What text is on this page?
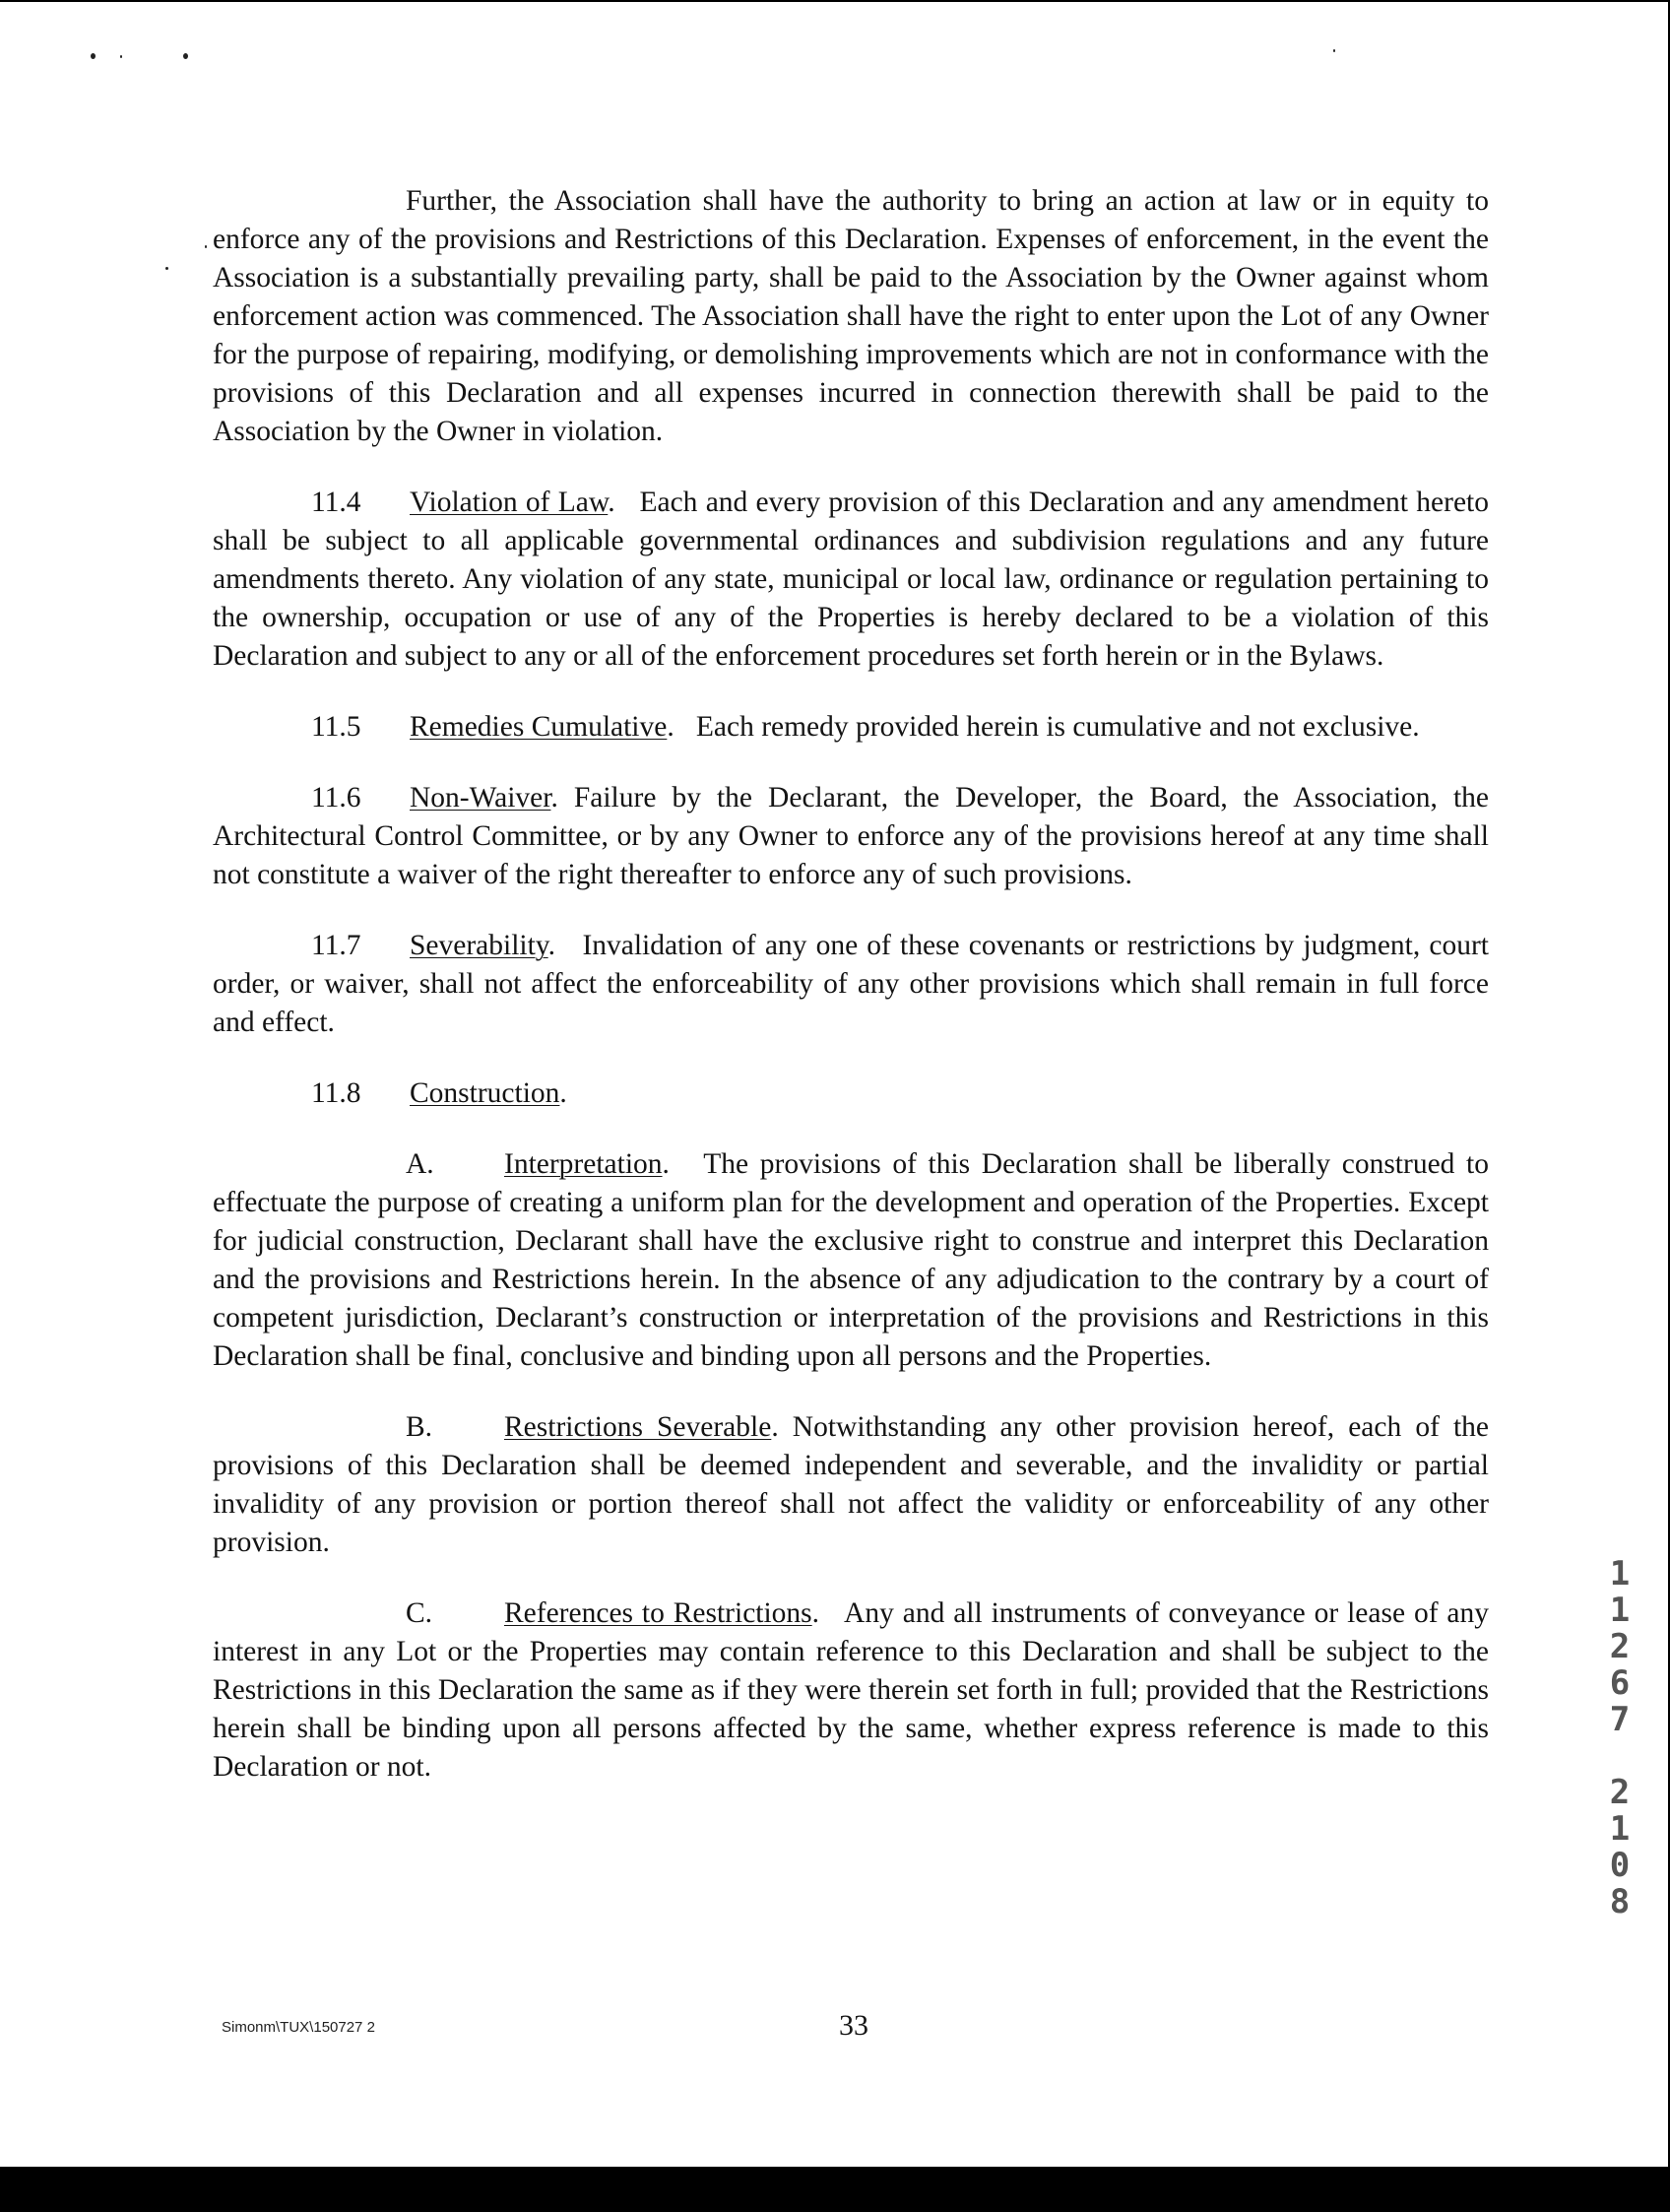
Further, the Association shall have the authority to bring an action at law or in equity to enforce any of the provisions and Restrictions of this Declaration. Expenses of enforcement, in the event the Association is a substantially prevailing party, shall be paid to the Association by the Owner against whom enforcement action was commenced. The Association shall have the right to enter upon the Lot of any Owner for the purpose of repairing, modifying, or demolishing improvements which are not in conformance with the provisions of this Declaration and all expenses incurred in connection therewith shall be paid to the Association by the Owner in violation.

11.4 Violation of Law.   Each and every provision of this Declaration and any amendment hereto shall be subject to all applicable governmental ordinances and subdivision regulations and any future amendments thereto. Any violation of any state, municipal or local law, ordinance or regulation pertaining to the ownership, occupation or use of any of the Properties is hereby declared to be a violation of this Declaration and subject to any or all of the enforcement procedures set forth herein or in the Bylaws.

11.5 Remedies Cumulative.   Each remedy provided herein is cumulative and not exclusive.

11.6 Non-Waiver. Failure by the Declarant, the Developer, the Board, the Association, the Architectural Control Committee, or by any Owner to enforce any of the provisions hereof at any time shall not constitute a waiver of the right thereafter to enforce any of such provisions.

11.7 Severability.   Invalidation of any one of these covenants or restrictions by judgment, court order, or waiver, shall not affect the enforceability of any other provisions which shall remain in full force and effect.

11.8 Construction.

A. Interpretation.   The provisions of this Declaration shall be liberally construed to effectuate the purpose of creating a uniform plan for the development and operation of the Properties. Except for judicial construction, Declarant shall have the exclusive right to construe and interpret this Declaration and the provisions and Restrictions herein. In the absence of any adjudication to the contrary by a court of competent jurisdiction, Declarant’s construction or interpretation of the provisions and Restrictions in this Declaration shall be final, conclusive and binding upon all persons and the Properties.

B. Restrictions Severable. Notwithstanding any other provision hereof, each of the provisions of this Declaration shall be deemed independent and severable, and the invalidity or partial invalidity of any provision or portion thereof shall not affect the validity or enforceability of any other provision.

C. References to Restrictions.   Any and all instruments of conveyance or lease of any interest in any Lot or the Properties may contain reference to this Declaration and shall be subject to the Restrictions in this Declaration the same as if they were therein set forth in full; provided that the Restrictions herein shall be binding upon all persons affected by the same, whether express reference is made to this Declaration or not.

1
1
2
6
7
2
1
0
8
Simonm\TUX\150727 2	33
